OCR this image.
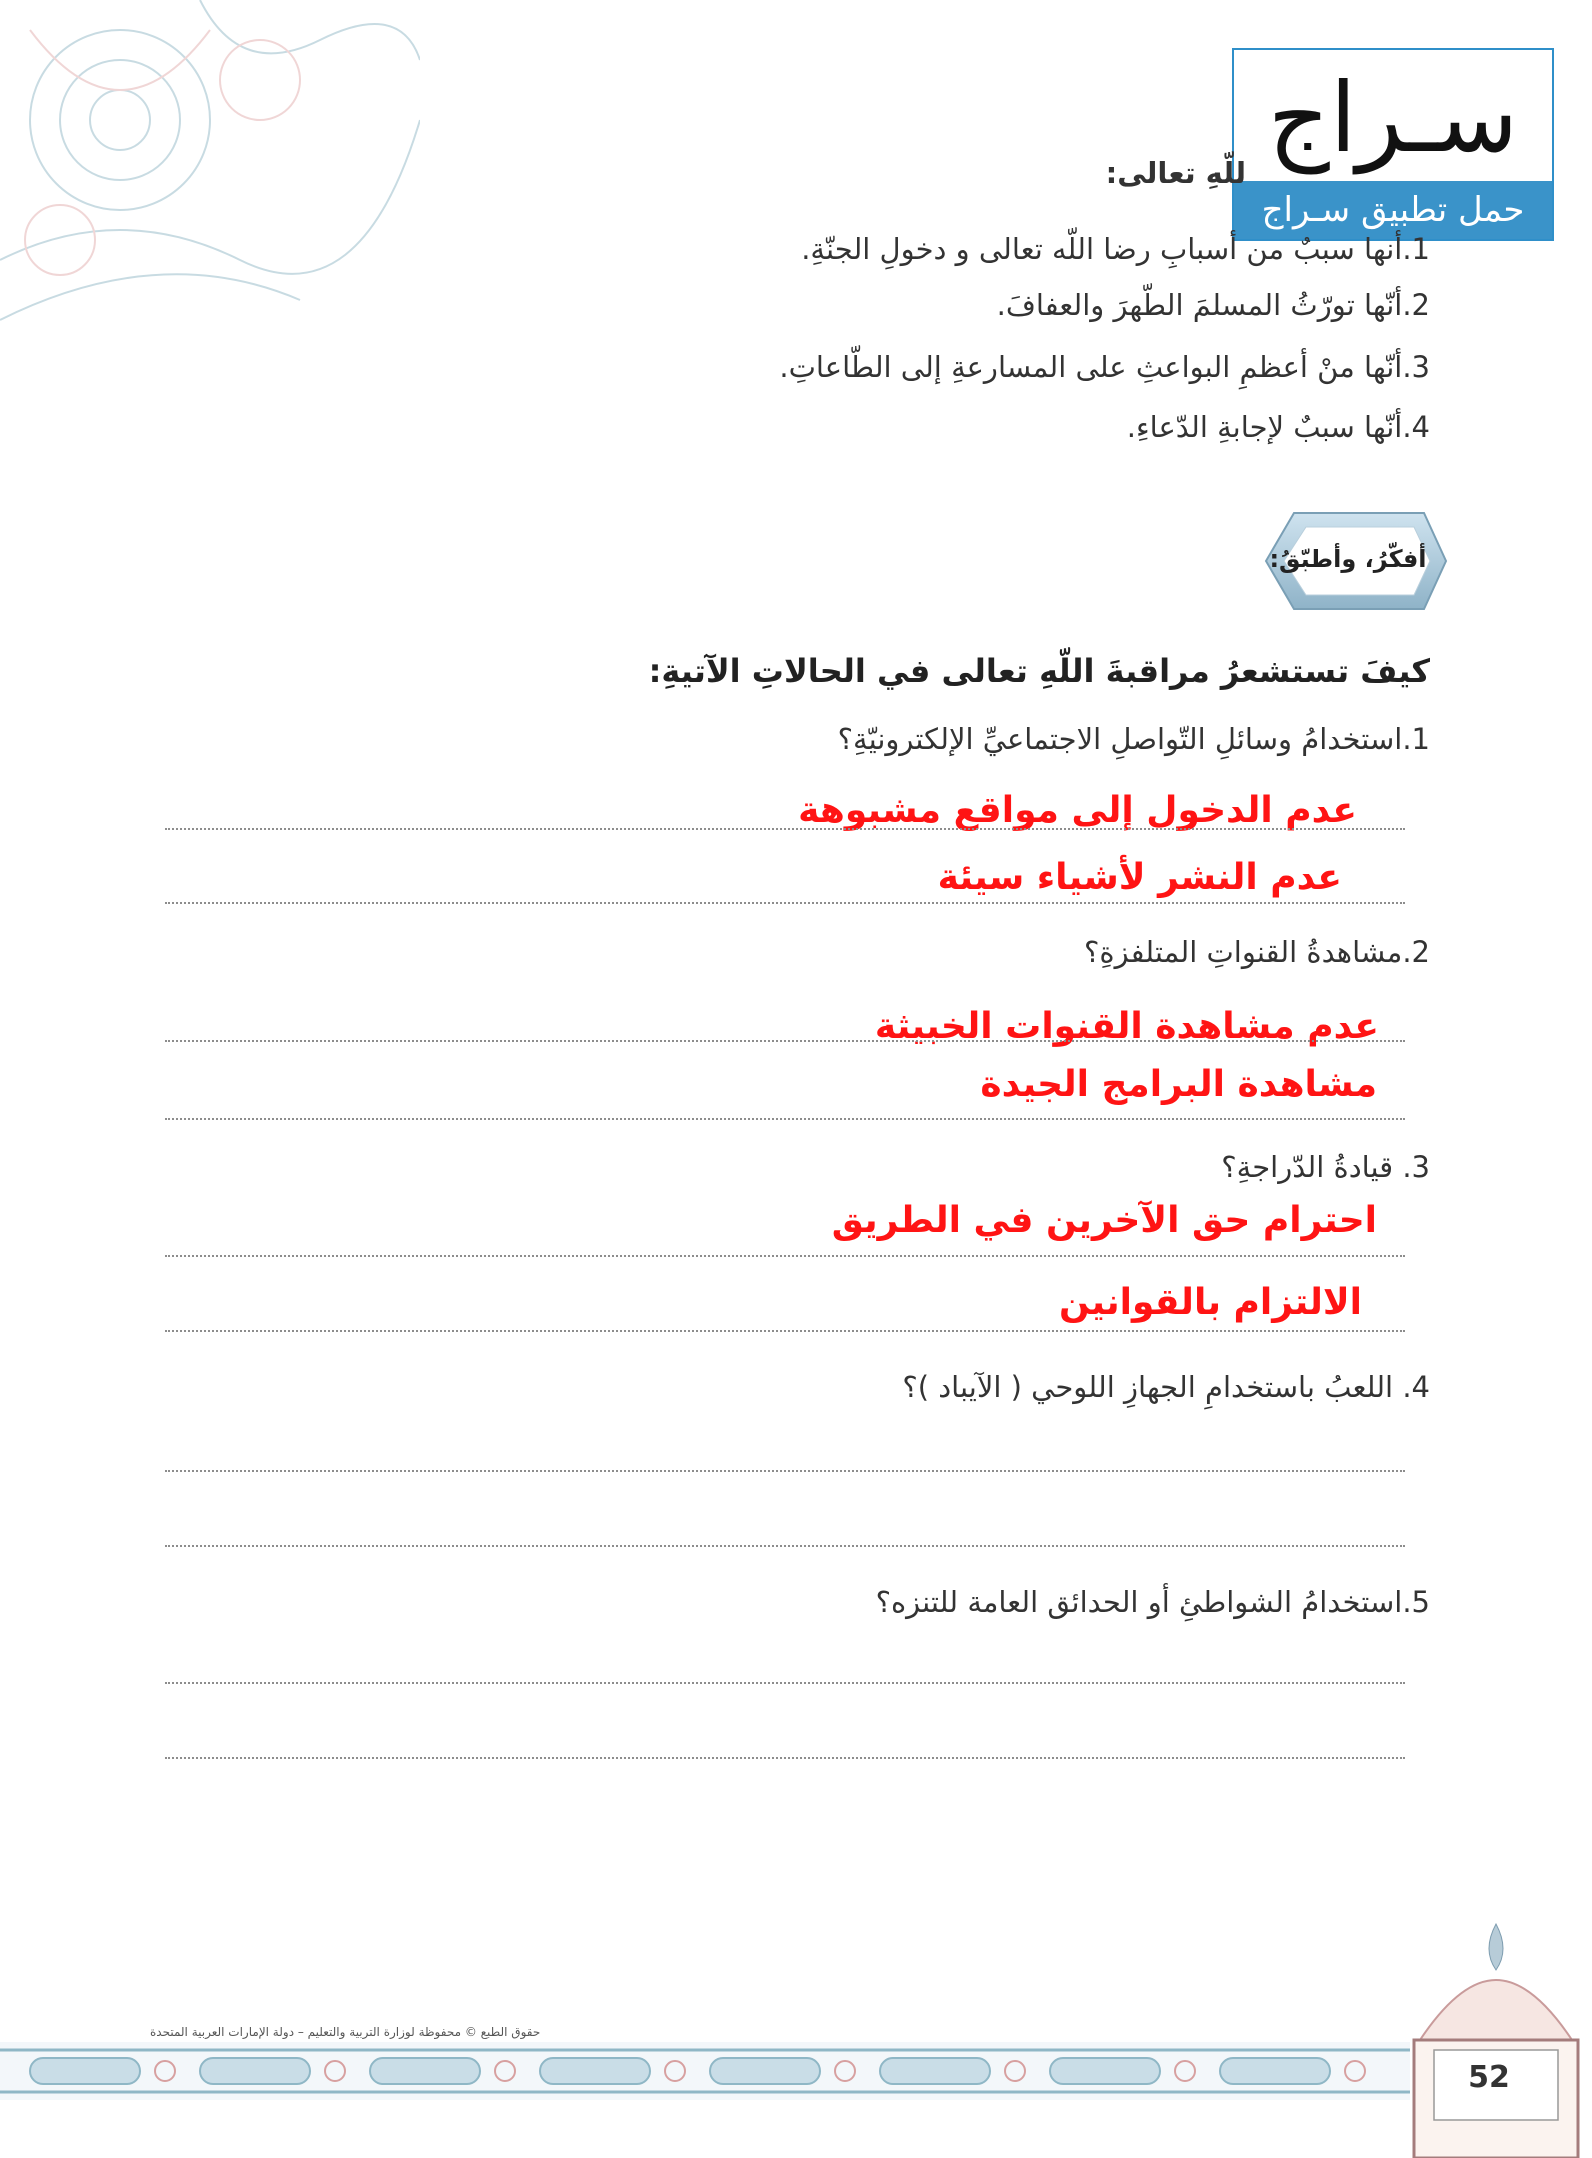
سـراج
حمل تطبيق سـراج
للّهِ تعالى:
1.أنها سببٌ من أسبابِ رضا اللّه تعالى و دخولِ الجنّةِ.
2.أنّها تورّثُ المسلمَ الطّهرَ والعفافَ.
3.أنّها منْ أعظمِ البواعثِ على المسارعةِ إلى الطّاعاتِ.
4.أنّها سببٌ لإجابةِ الدّعاءِ.
أفكّرُ، وأطبّقُ:
كيفَ تستشعرُ مراقبةَ اللّهِ تعالى في الحالاتِ الآتيةِ:
1.استخدامُ وسائلِ التّواصلِ الاجتماعيِّ الإلكترونيّةِ؟
عدم الدخول إلى مواقع مشبوهة
عدم النشر لأشياء سيئة
2.مشاهدةُ القنواتِ المتلفزةِ؟
عدم مشاهدة القنوات الخبيثة
مشاهدة البرامج الجيدة
3. قيادةُ الدّراجةِ؟
احترام حق الآخرين في الطريق
الالتزام بالقوانين
4. اللعبُ باستخدامِ الجهازِ اللوحي ( الآيباد )؟
5.استخدامُ الشواطئِ أو الحدائق العامة للتنزه؟
حقوق الطبع © محفوظة لوزارة التربية والتعليم – دولة الإمارات العربية المتحدة
52
